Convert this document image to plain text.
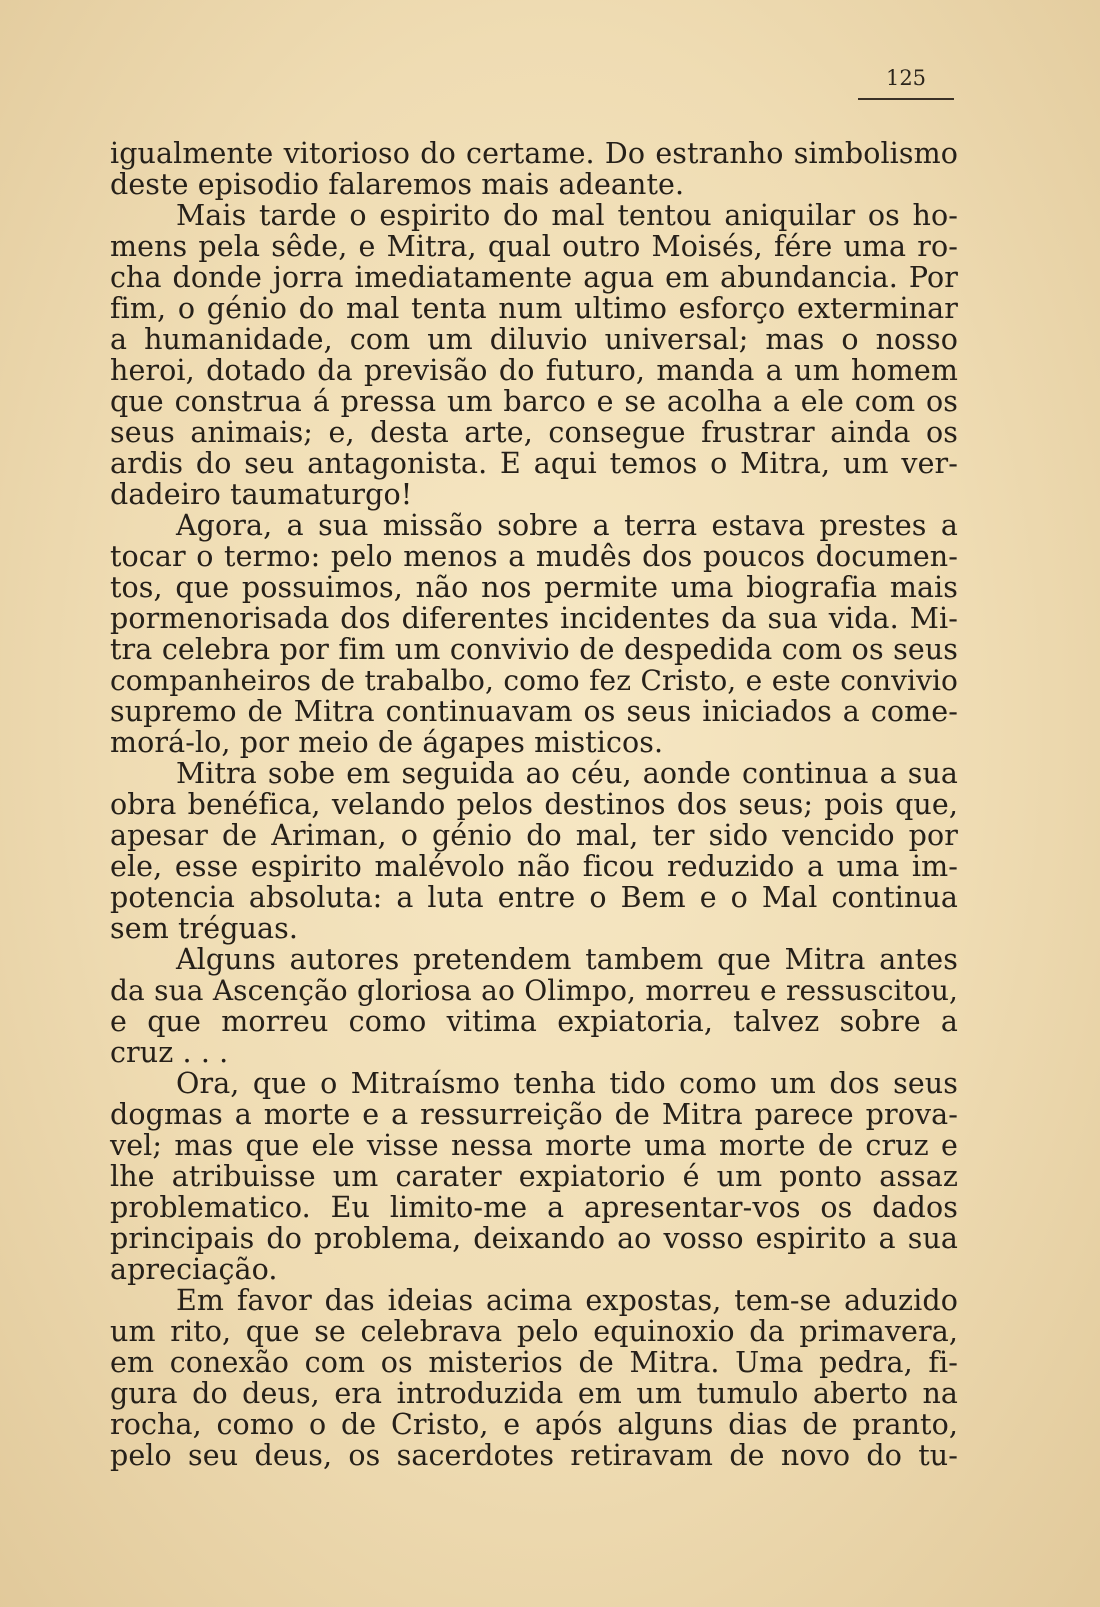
125
igualmente vitorioso do certame. Do estranho simbolismo
deste episodio falaremos mais adeante.
Mais tarde o espirito do mal tentou aniquilar os ho-
mens pela sêde, e Mitra, qual outro Moisés, fére uma ro-
cha donde jorra imediatamente agua em abundancia. Por
fim, o génio do mal tenta num ultimo esforço exterminar
a humanidade, com um diluvio universal; mas o nosso
heroi, dotado da previsão do futuro, manda a um homem
que construa á pressa um barco e se acolha a ele com os
seus animais; e, desta arte, consegue frustrar ainda os
ardis do seu antagonista. E aqui temos o Mitra, um ver-
dadeiro taumaturgo!
Agora, a sua missão sobre a terra estava prestes a
tocar o termo: pelo menos a mudês dos poucos documen-
tos, que possuimos, não nos permite uma biografia mais
pormenorisada dos diferentes incidentes da sua vida. Mi-
tra celebra por fim um convivio de despedida com os seus
companheiros de trabalbo, como fez Cristo, e este convivio
supremo de Mitra continuavam os seus iniciados a come-
morá-lo, por meio de ágapes misticos.
Mitra sobe em seguida ao céu, aonde continua a sua
obra benéfica, velando pelos destinos dos seus; pois que,
apesar de Ariman, o génio do mal, ter sido vencido por
ele, esse espirito malévolo não ficou reduzido a uma im-
potencia absoluta: a luta entre o Bem e o Mal continua
sem tréguas.
Alguns autores pretendem tambem que Mitra antes
da sua Ascenção gloriosa ao Olimpo, morreu e ressuscitou,
e que morreu como vitima expiatoria, talvez sobre a
cruz . . .
Ora, que o Mitraísmo tenha tido como um dos seus
dogmas a morte e a ressurreição de Mitra parece prova-
vel; mas que ele visse nessa morte uma morte de cruz e
lhe atribuisse um carater expiatorio é um ponto assaz
problematico. Eu limito-me a apresentar-vos os dados
principais do problema, deixando ao vosso espirito a sua
apreciação.
Em favor das ideias acima expostas, tem-se aduzido
um rito, que se celebrava pelo equinoxio da primavera,
em conexão com os misterios de Mitra. Uma pedra, fi-
gura do deus, era introduzida em um tumulo aberto na
rocha, como o de Cristo, e após alguns dias de pranto,
pelo seu deus, os sacerdotes retiravam de novo do tu-
